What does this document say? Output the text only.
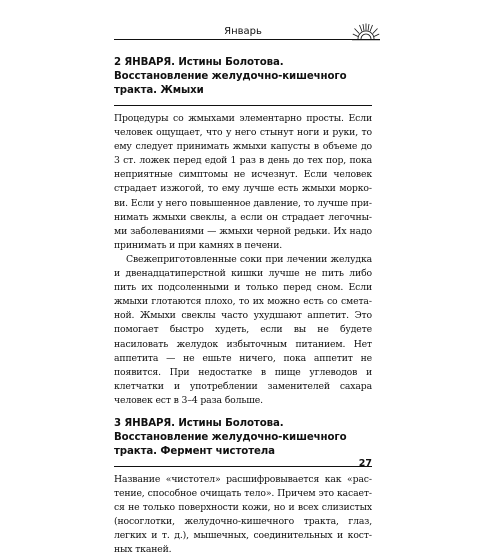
Январь
2 ЯНВАРЯ. Истины Болотова. Восстановление желудочно-кишечного тракта. Жмыхи

Процедуры со жмыхами элементарно просты. Если человек ощущает, что у него стынут ноги и руки, то ему следует принимать жмыхи капусты в объеме до 3 ст. ложек перед едой 1 раз в день до тех пор, пока неприятные симптомы не исчезнут. Если человек страдает изжогой, то ему лучше есть жмыхи моркови. Если у него повышенное давление, то лучше принимать жмыхи свеклы, а если он страдает легочными заболеваниями — жмыхи черной редьки. Их надо принимать и при камнях в печени.

Свежеприготовленные соки при лечении желудка и двенадцатиперстной кишки лучше не пить либо пить их подсоленными и только перед сном. Если жмыхи глотаются плохо, то их можно есть со сметаной. Жмыхи свеклы часто ухудшают аппетит. Это помогает быстро худеть, если вы не будете насиловать желудок избыточным питанием. Нет аппетита — не ешьте ничего, пока аппетит не появится. При недостатке в пище углеводов и клетчатки и употреблении заменителей сахара человек ест в 3–4 раза больше.

3 ЯНВАРЯ. Истины Болотова. Восстановление желудочно-кишечного тракта. Фермент чистотела

Название «чистотел» расшифровывается как «растение, способное очищать тело». Причем это касается не только поверхности кожи, но и всех слизистых (носоглотки, желудочно-кишечного тракта, глаз, легких и т. д.), мышечных, соединительных и костных тканей.

27
